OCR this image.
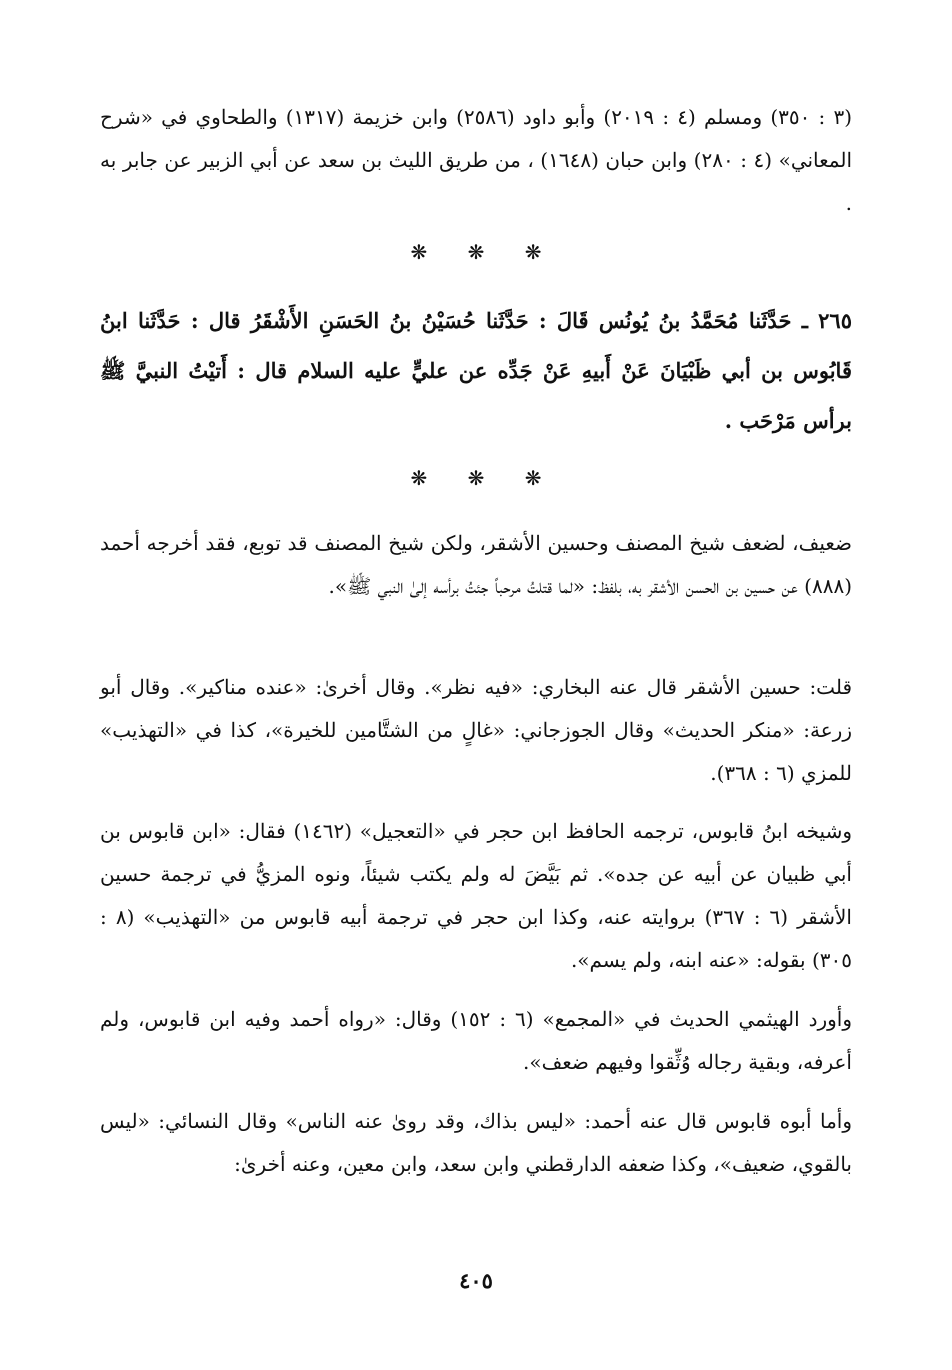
(٣ : ٣٥٠) ومسلم (٤ : ٢٠١٩) وأبو داود (٢٥٨٦) وابن خزيمة (١٣١٧) والطحاوي في «شرح المعاني» (٤ : ٢٨٠) وابن حبان (١٦٤٨) ، من طريق الليث بن سعد عن أبي الزبير عن جابر به .

❋ ❋ ❋

٢٦٥ ـ حَدَّثَنا مُحَمَّدُ بنُ يُونُس قَالَ : حَدَّثَنا حُسَيْنُ بنُ الحَسَنِ الأَشْقَرُ قال : حَدَّثَنا ابنُ قَابُوس بن أبي ظَبْيَانَ عَنْ أَبيهِ عَنْ جَدِّه عن عليٍّ عليه السلام قال : أَتيْتُ النبيَّ ﷺ برأس مَرْحَب .

❋ ❋ ❋

ضعيف، لضعف شيخ المصنف وحسين الأشقر، ولكن شيخ المصنف قد توبع، فقد أخرجه أحمد (٨٨٨) عن حسين بن الحسن الأشقر به، بلفظ: «لما قتلتُ مرحباً جئتُ برأسه إلىٰ النبي ﷺ».

قلت: حسين الأشقر قال عنه البخاري: «فيه نظر». وقال أخرىٰ: «عنده مناكير». وقال أبو زرعة: «منكر الحديث» وقال الجوزجاني: «غالٍ من الشتَّامين للخيرة»، كذا في «التهذيب» للمزي (٦ : ٣٦٨).

وشيخه ابنُ قابوس، ترجمه الحافظ ابن حجر في «التعجيل» (١٤٦٢) فقال: «ابن قابوس بن أبي ظبيان عن أبيه عن جده». ثم بَيَّضَ له ولم يكتب شيئاً، ونوه المزيُّ في ترجمة حسين الأشقر (٦ : ٣٦٧) بروايته عنه، وكذا ابن حجر في ترجمة أبيه قابوس من «التهذيب» (٨ : ٣٠٥) بقوله: «عنه ابنه، ولم يسم».

وأورد الهيثمي الحديث في «المجمع» (٦ : ١٥٢) وقال: «رواه أحمد وفيه ابن قابوس، ولم أعرفه، وبقية رجاله وُثِّقوا وفيهم ضعف».

وأما أبوه قابوس قال عنه أحمد: «ليس بذاك، وقد روىٰ عنه الناس» وقال النسائي: «ليس بالقوي، ضعيف»، وكذا ضعفه الدارقطني وابن سعد، وابن معين، وعنه أخرىٰ:

٤٠٥
